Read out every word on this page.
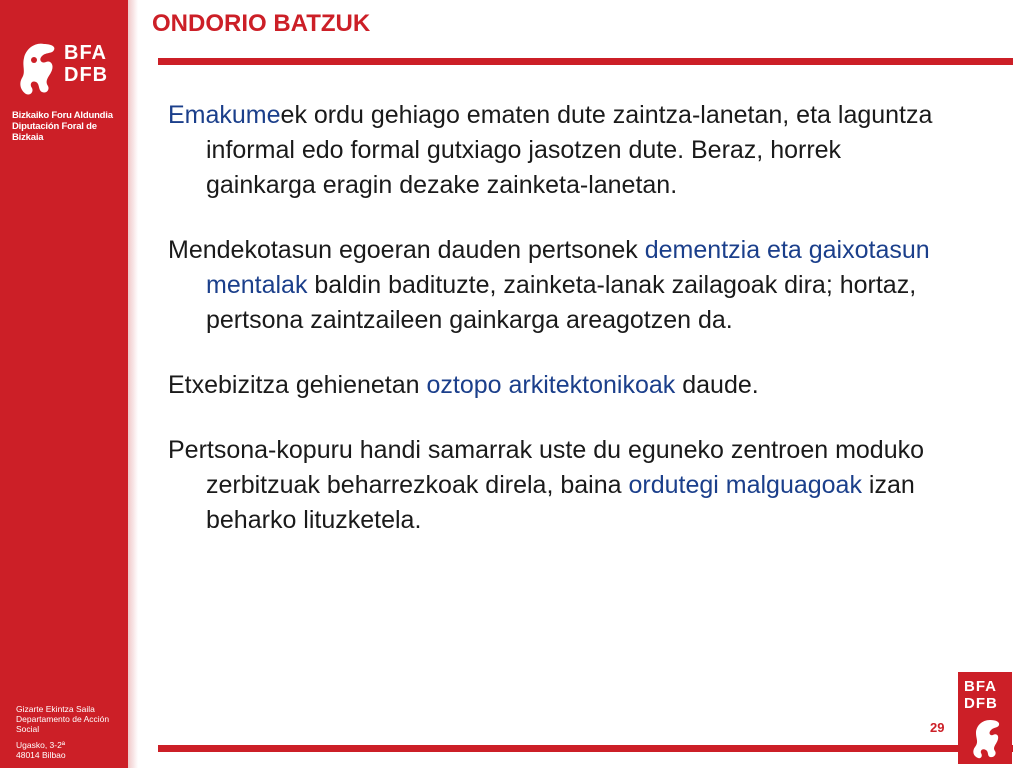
BFA
DFB
Bizkaiko Foru Aldundia
Diputación Foral de Bizkaia
Gizarte Ekintza Saila
Departamento de Acción Social
Ugasko, 3-2ª
48014 Bilbao
ONDORIO BATZUK

Emakumeek ordu gehiago ematen dute zaintza-lanetan, eta laguntza informal edo formal gutxiago jasotzen dute. Beraz, horrek gainkarga eragin dezake zainketa-lanetan.

Mendekotasun egoeran dauden pertsonek dementzia eta gaixotasun mentalak baldin badituzte, zainketa-lanak zailagoak dira; hortaz, pertsona zaintzaileen gainkarga areagotzen da.

Etxebizitza gehienetan oztopo arkitektonikoak daude.

Pertsona-kopuru handi samarrak uste du eguneko zentroen moduko zerbitzuak beharrezkoak direla, baina ordutegi malguagoak izan beharko lituzketela.

29
BFA
DFB
